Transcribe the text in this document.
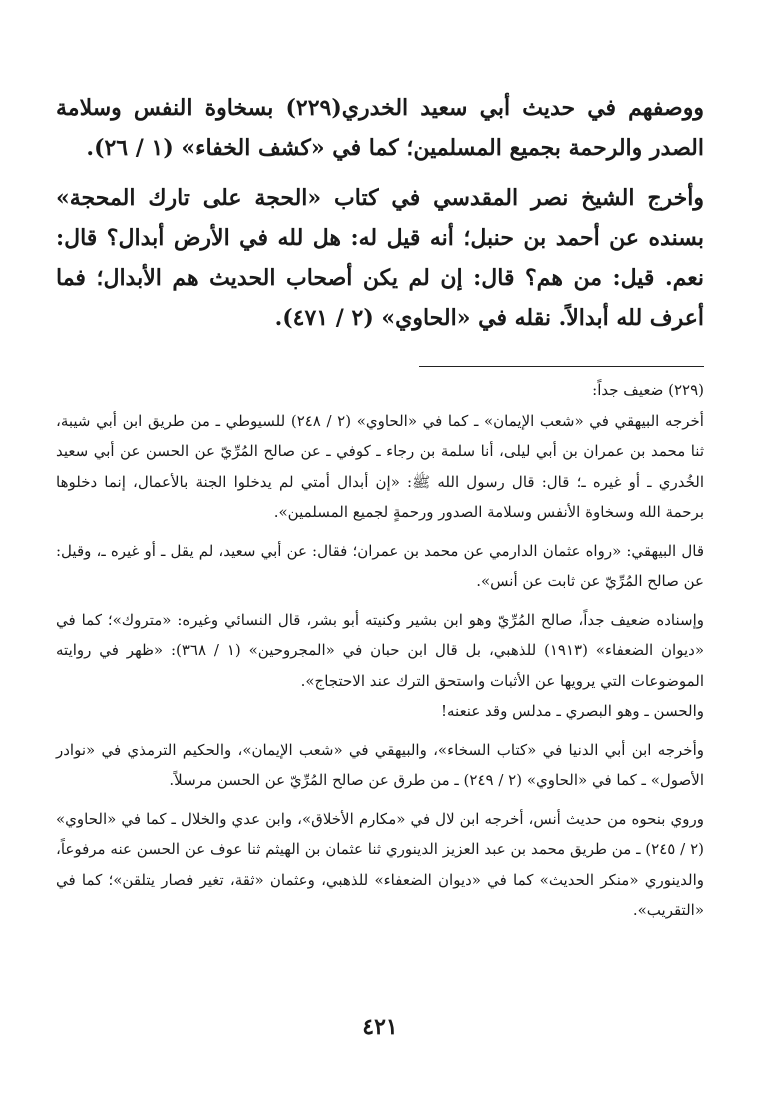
ووصفهم في حديث أبي سعيد الخدري(٢٢٩) بسخاوة النفس وسلامة الصدر والرحمة بجميع المسلمين؛ كما في «كشف الخفاء» (١ / ٢٦).

وأخرج الشيخ نصر المقدسي في كتاب «الحجة على تارك المحجة» بسنده عن أحمد بن حنبل؛ أنه قيل له: هل لله في الأرض أبدال؟ قال: نعم. قيل: من هم؟ قال: إن لم يكن أصحاب الحديث هم الأبدال؛ فما أعرف لله أبدالاً. نقله في «الحاوي» (٢ / ٤٧١).

(٢٢٩) ضعيف جداً:

أخرجه البيهقي في «شعب الإيمان» ـ كما في «الحاوي» (٢ / ٢٤٨) للسيوطي ـ من طريق ابن أبي شيبة، ثنا محمد بن عمران بن أبي ليلى، أنا سلمة بن رجاء ـ كوفي ـ عن صالح المُرِّيّ عن الحسن عن أبي سعيد الخُدري ـ أو غيره ـ؛ قال: قال رسول الله ﷺ: «إن أبدال أمتي لم يدخلوا الجنة بالأعمال، إنما دخلوها برحمة الله وسخاوة الأنفس وسلامة الصدور ورحمةٍ لجميع المسلمين».

قال البيهقي: «رواه عثمان الدارمي عن محمد بن عمران؛ فقال: عن أبي سعيد، لم يقل ـ أو غيره ـ، وقيل: عن صالح المُرِّيّ عن ثابت عن أنس».

وإسناده ضعيف جداً، صالح المُرِّيّ وهو ابن بشير وكنيته أبو بشر، قال النسائي وغيره: «متروك»؛ كما في «ديوان الضعفاء» (١٩١٣) للذهبي، بل قال ابن حبان في «المجروحين» (١ / ٣٦٨): «ظهر في روايته الموضوعات التي يرويها عن الأثبات واستحق الترك عند الاحتجاج».

والحسن ـ وهو البصري ـ مدلس وقد عنعنه!

وأخرجه ابن أبي الدنيا في «كتاب السخاء»، والبيهقي في «شعب الإيمان»، والحكيم الترمذي في «نوادر الأصول» ـ كما في «الحاوي» (٢ / ٢٤٩) ـ من طرق عن صالح المُرِّيّ عن الحسن مرسلاً.

وروي بنحوه من حديث أنس، أخرجه ابن لال في «مكارم الأخلاق»، وابن عدي والخلال ـ كما في «الحاوي» (٢ / ٢٤٥) ـ من طريق محمد بن عبد العزيز الدينوري ثنا عثمان بن الهيثم ثنا عوف عن الحسن عنه مرفوعاً، والدينوري «منكر الحديث» كما في «ديوان الضعفاء» للذهبي، وعثمان «ثقة، تغير فصار يتلقن»؛ كما في «التقريب».

٤٢١
